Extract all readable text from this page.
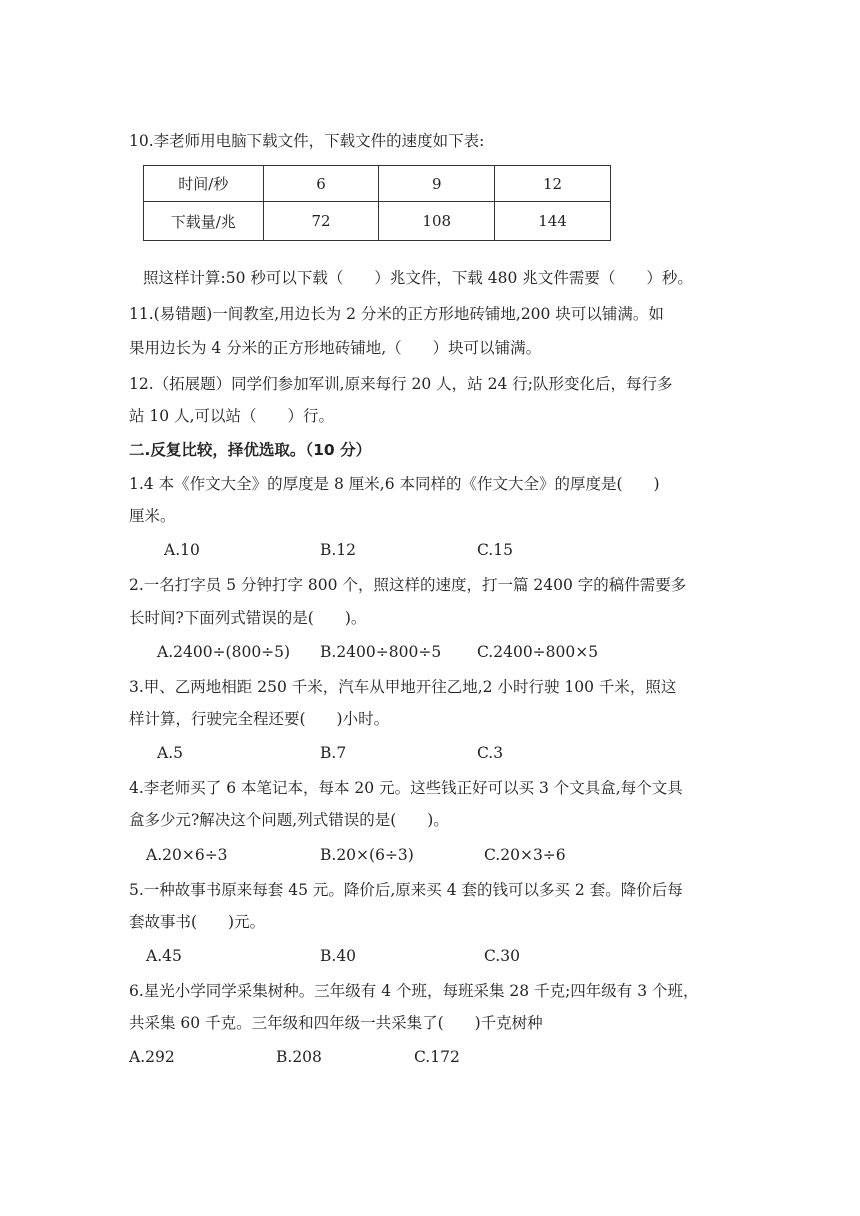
10.李老师用电脑下载文件，下载文件的速度如下表:
时间/秒	6	9	12
下载量/兆	72	108	144
照这样计算:50 秒可以下载（　　）兆文件，下载 480 兆文件需要（　　）秒。
11.(易错题)一间教室,用边长为 2 分米的正方形地砖铺地,200 块可以铺满。如
果用边长为 4 分米的正方形地砖铺地,（　　）块可以铺满。
12.（拓展题）同学们参加军训,原来每行 20 人，站 24 行;队形变化后，每行多
站 10 人,可以站（　　）行。
二.反复比较，择优选取。（10 分）
1.4 本《作文大全》的厚度是 8 厘米,6 本同样的《作文大全》的厚度是(　　)
厘米。
A.10	B.12	C.15
2.一名打字员 5 分钟打字 800 个，照这样的速度，打一篇 2400 字的稿件需要多
长时间?下面列式错误的是(　　)。
A.2400÷(800÷5) B.2400÷800÷5 C.2400÷800×5
3.甲、乙两地相距 250 千米，汽车从甲地开往乙地,2 小时行驶 100 千米，照这
样计算，行驶完全程还要(　　)小时。
A.5	B.7	C.3
4.李老师买了 6 本笔记本，每本 20 元。这些钱正好可以买 3 个文具盒,每个文具
盒多少元?解决这个问题,列式错误的是(　　)。
A.20×6÷3	B.20×(6÷3)	C.20×3÷6
5.一种故事书原来每套 45 元。降价后,原来买 4 套的钱可以多买 2 套。降价后每
套故事书(　　)元。
A.45	B.40	C.30
6.星光小学同学采集树种。三年级有 4 个班，每班采集 28 千克;四年级有 3 个班，
共采集 60 千克。三年级和四年级一共采集了(　　)千克树种
A.292	B.208	C.172
